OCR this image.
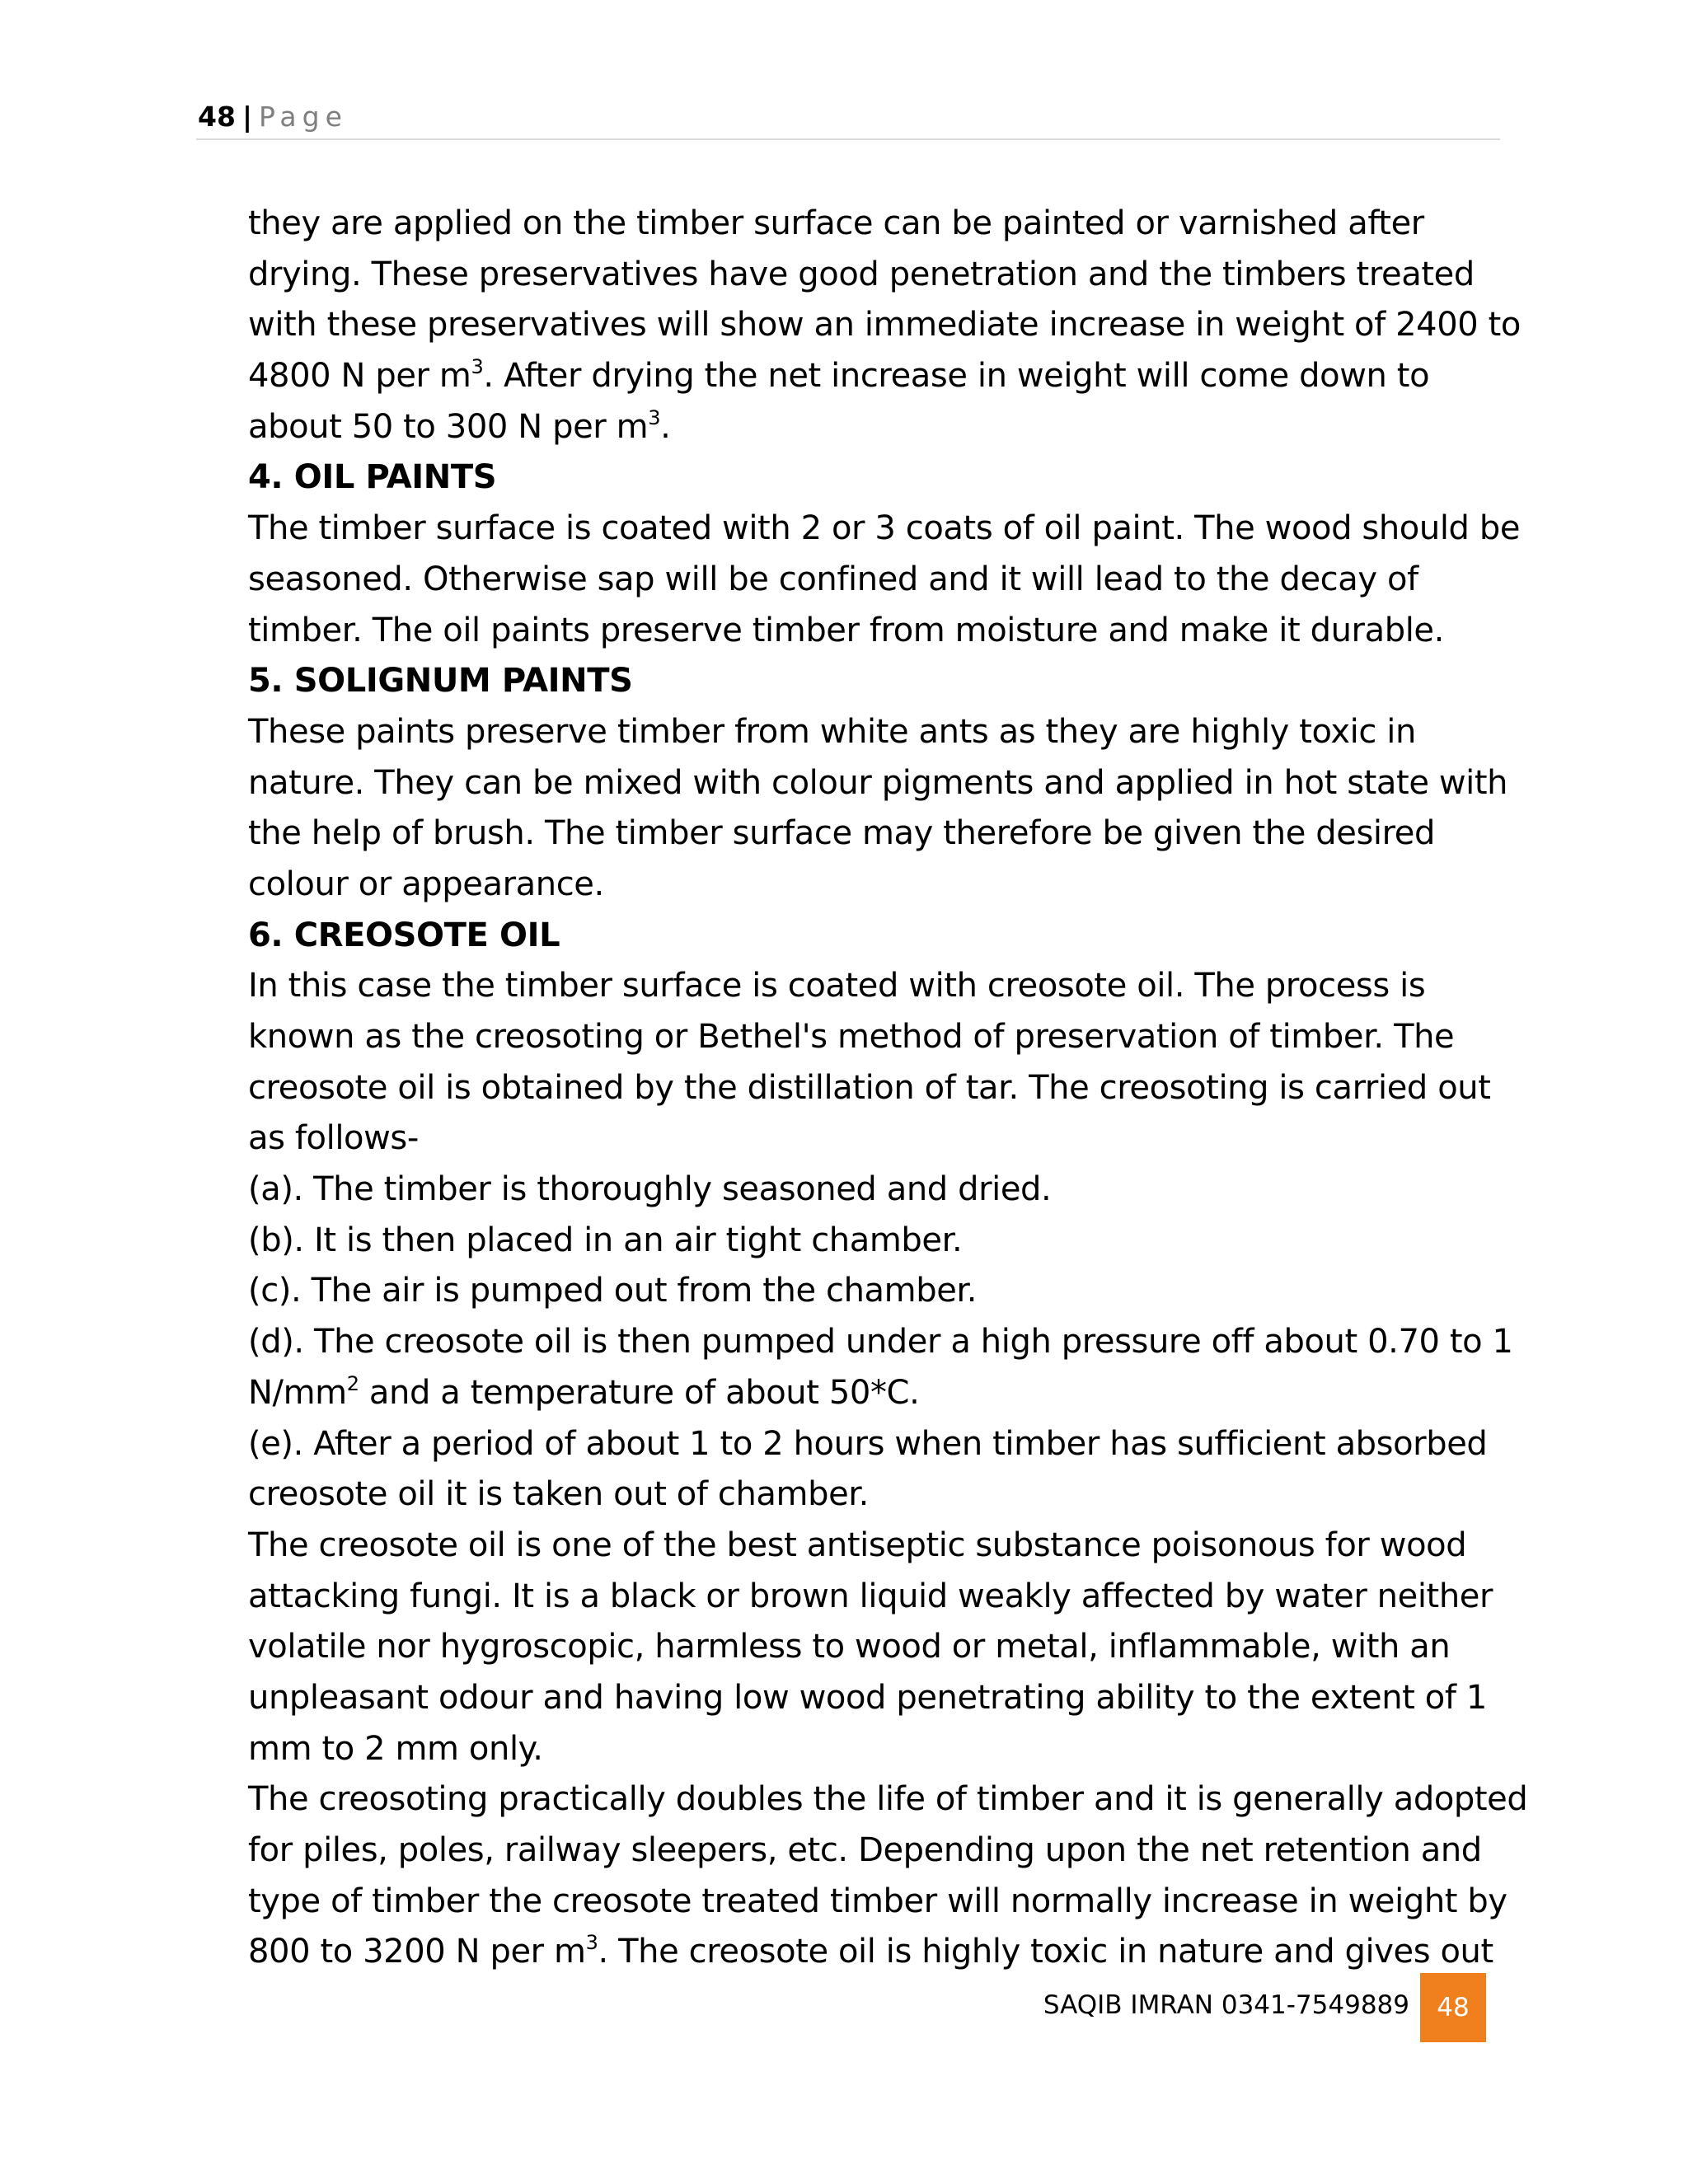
48 | Page
they are applied on the timber surface can be painted or varnished after
drying. These preservatives have good penetration and the timbers treated
with these preservatives will show an immediate increase in weight of 2400 to
4800 N per $m^3$. After drying the net increase in weight will come down to
about 50 to 300 N per $m^3$.
4. OIL PAINTS
The timber surface is coated with 2 or 3 coats of oil paint. The wood should be
seasoned. Otherwise sap will be confined and it will lead to the decay of
timber. The oil paints preserve timber from moisture and make it durable.
5. SOLIGNUM PAINTS
These paints preserve timber from white ants as they are highly toxic in
nature. They can be mixed with colour pigments and applied in hot state with
the help of brush. The timber surface may therefore be given the desired
colour or appearance.
6. CREOSOTE OIL
In this case the timber surface is coated with creosote oil. The process is
known as the creosoting or Bethel's method of preservation of timber. The
creosote oil is obtained by the distillation of tar. The creosoting is carried out
as follows-
(a). The timber is thoroughly seasoned and dried.
(b). It is then placed in an air tight chamber.
(c). The air is pumped out from the chamber.
(d). The creosote oil is then pumped under a high pressure off about 0.70 to 1
$N/mm^2$ and a temperature of about 50*C.
(e). After a period of about 1 to 2 hours when timber has sufficient absorbed
creosote oil it is taken out of chamber.
The creosote oil is one of the best antiseptic substance poisonous for wood
attacking fungi. It is a black or brown liquid weakly affected by water neither
volatile nor hygroscopic, harmless to wood or metal, inflammable, with an
unpleasant odour and having low wood penetrating ability to the extent of 1
mm to 2 mm only.
The creosoting practically doubles the life of timber and it is generally adopted
for piles, poles, railway sleepers, etc. Depending upon the net retention and
type of timber the creosote treated timber will normally increase in weight by
800 to 3200 N per $m^3$. The creosote oil is highly toxic in nature and gives out
SAQIB IMRAN 0341-7549889	48
